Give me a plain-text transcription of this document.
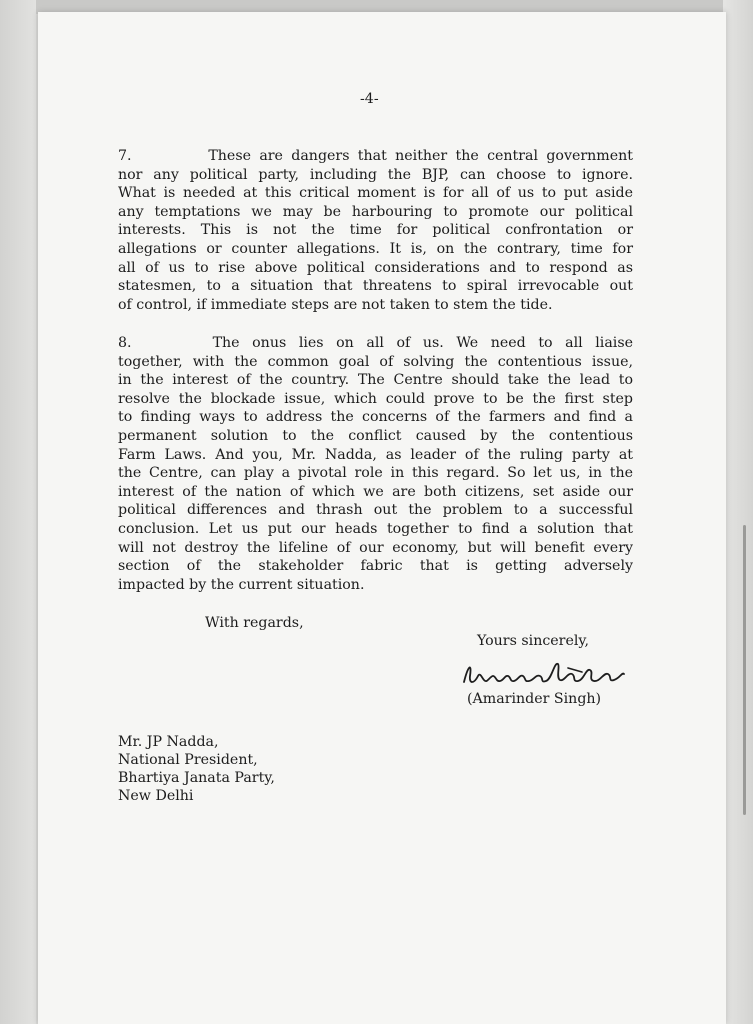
-4-
7.	These are dangers that neither the central government
nor any political party, including the BJP, can choose to ignore.
What is needed at this critical moment is for all of us to put aside
any temptations we may be harbouring to promote our political
interests. This is not the time for political confrontation or
allegations or counter allegations. It is, on the contrary, time for
all of us to rise above political considerations and to respond as
statesmen, to a situation that threatens to spiral irrevocable out
of control, if immediate steps are not taken to stem the tide.
8.	The onus lies on all of us. We need to all liaise
together, with the common goal of solving the contentious issue,
in the interest of the country. The Centre should take the lead to
resolve the blockade issue, which could prove to be the first step
to finding ways to address the concerns of the farmers and find a
permanent solution to the conflict caused by the contentious
Farm Laws. And you, Mr. Nadda, as leader of the ruling party at
the Centre, can play a pivotal role in this regard. So let us, in the
interest of the nation of which we are both citizens, set aside our
political differences and thrash out the problem to a successful
conclusion. Let us put our heads together to find a solution that
will not destroy the lifeline of our economy, but will benefit every
section of the stakeholder fabric that is getting adversely
impacted by the current situation.
With regards,
Yours sincerely,
(Amarinder Singh)
Mr. JP Nadda,
National President,
Bhartiya Janata Party,
New Delhi
